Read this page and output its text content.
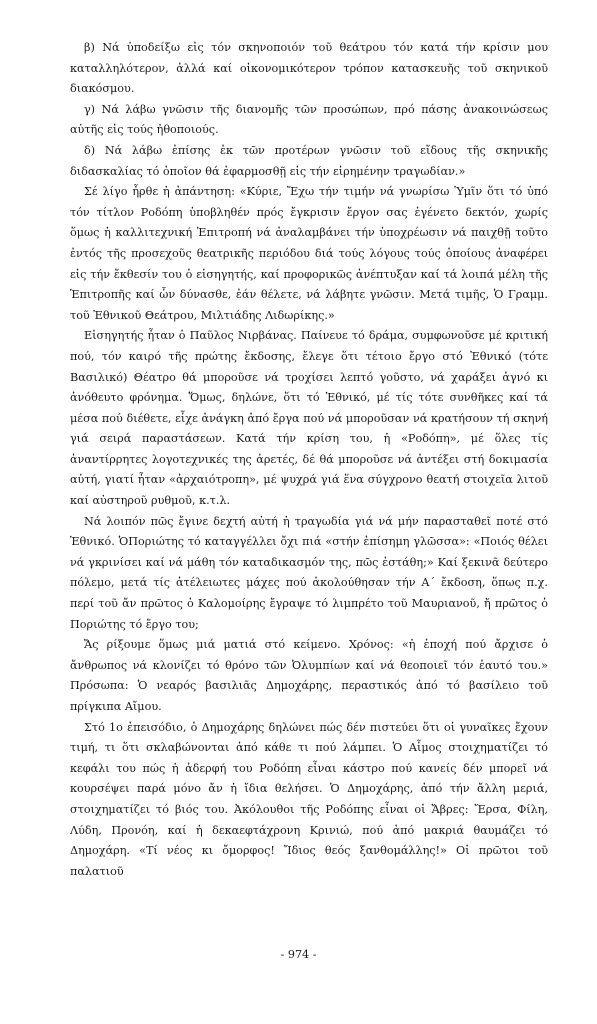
β) Νά ὑποδείξω εἰς τόν σκηνοποιόν τοῦ θεάτρου τόν κατά τήν κρίσιν μου καταλληλότερον, ἀλλά καί οἰκονομικότερον τρόπον κατασκευῆς τοῦ σκηνικοῦ διακόσμου.

γ) Νά λάβω γνῶσιν τῆς διανομῆς τῶν προσώπων, πρό πάσης ἀνακοινώσεως αὐτῆς εἰς τούς ἠθοποιούς.

δ) Νά λάβω ἐπίσης ἐκ τῶν προτέρων γνῶσιν τοῦ εἴδους τῆς σκηνικῆς διδασκαλίας τό ὁποῖον θά ἐφαρμοσθῇ εἰς τήν εἰρημένην τραγωδίαν.»

Σέ λίγο ἦρθε ἡ ἀπάντηση: «Κύριε, Ἔχω τήν τιμήν νά γνωρίσω Ὑμῖν ὅτι τό ὑπό τόν τίτλον Ροδόπη ὑποβληθέν πρός ἔγκρισιν ἔργον σας ἐγένετο δεκτόν, χωρίς ὅμως ἡ καλλιτεχνική Ἐπιτροπή νά ἀναλαμβάνει τήν ὑποχρέωσιν νά παιχθῇ τοῦτο ἐντός τῆς προσεχοῦς θεατρικῆς περιόδου διά τούς λόγους τούς ὁποίους ἀναφέρει εἰς τήν ἔκθεσίν του ὁ εἰσηγητής, καί προφορικῶς ἀνέπτυξαν καί τά λοιπά μέλη τῆς Ἐπιτροπῆς καί ὧν δύνασθε, ἐάν θέλετε, νά λάβητε γνῶσιν. Μετά τιμῆς, Ὁ Γραμμ. τοῦ Ἐθνικοῦ Θεάτρου, Μιλτιάδης Λιδωρίκης.»

Εἰσηγητής ἦταν ὁ Παῦλος Νιρβάνας. Παίνευε τό δράμα, συμφωνοῦσε μέ κριτική πού, τόν καιρό τῆς πρώτης ἔκδοσης, ἔλεγε ὅτι τέτοιο ἔργο στό Ἐθνικό (τότε Βασιλικό) Θέατρο θά μποροῦσε νά τροχίσει λεπτό γοῦστο, νά χαράξει ἁγνό κι ἀνόθευτο φρόνημα. Ὅμως, δηλώνε, ὅτι τό Ἐθνικό, μέ τίς τότε συνθῆκες καί τά μέσα πού διέθετε, εἶχε ἀνάγκη ἀπό ἔργα πού νά μποροῦσαν νά κρατήσουν τή σκηνή γιά σειρά παραστάσεων. Κατά τήν κρίση του, ἡ «Ροδόπη», μέ ὅλες τίς ἀναντίρρητες λογοτεχνικές της ἀρετές, δέ θά μποροῦσε νά ἀντέξει στή δοκιμασία αὐτή, γιατί ἦταν «ἀρχαιότροπη», μέ ψυχρά γιά ἕνα σύγχρονο θεατή στοιχεῖα λιτοῦ καί αὐστηροῦ ρυθμοῦ, κ.τ.λ.

Νά λοιπόν πῶς ἔγινε δεχτή αὐτή ἡ τραγωδία γιά νά μήν παρασταθεῖ ποτέ στό Ἐθνικό. ὉΠοριώτης τό καταγγέλλει ὄχι πιά «στήν ἐπίσημη γλῶσσα»: «Ποιός θέλει νά γκρινίσει καί νά μάθη τόν καταδικασμόν της, πῶς ἐστάθη;» Καί ξεκινᾶ δεύτερο πόλεμο, μετά τίς ἀτέλειωτες μάχες πού ἀκολούθησαν τήν Α΄ ἔκδοση, ὅπως π.χ. περί τοῦ ἄν πρῶτος ὁ Καλομοίρης ἔγραψε τό λιμπρέτο τοῦ Μαυριανοῦ, ἤ πρῶτος ὁ Ποριώτης τό ἔργο του;

Ἄς ρίξουμε ὅμως μιά ματιά στό κείμενο. Χρόνος: «ἡ ἐποχή πού ἄρχισε ὁ ἄνθρωπος νά κλονίζει τό θρόνο τῶν Ὀλυμπίων καί νά θεοποιεῖ τόν ἑαυτό του.» Πρόσωπα: Ὁ νεαρός βασιλιᾶς Δημοχάρης, περαστικός ἀπό τό βασίλειο τοῦ πρίγκιπα Αἴμου.

Στό 1ο ἐπεισόδιο, ὁ Δημοχάρης δηλώνει πώς δέν πιστεύει ὅτι οἱ γυναῖκες ἔχουν τιμή, τι ὅτι σκλαβώνονται ἀπό κάθε τι πού λάμπει. Ὁ Αἷμος στοιχηματίζει τό κεφάλι του πώς ἡ ἀδερφή του Ροδόπη εἶναι κάστρο πού κανείς δέν μπορεῖ νά κουρσέψει παρά μόνο ἄν ἡ ἴδια θελήσει. Ὁ Δημοχάρης, ἀπό τήν ἄλλη μεριά, στοιχηματίζει τό βιός του. Ἀκόλουθοι τῆς Ροδόπης εἶναι οἱ Ἄβρες: Ἔρσα, Φίλη, Λύδη, Προνόη, καί ἡ δεκαεφτάχρονη Κρινιώ, πού ἀπό μακριά θαυμάζει τό Δημοχάρη. «Τί νέος κι ὄμορφος! Ἴδιος θεός ξανθομάλλης!» Οἱ πρῶτοι τοῦ παλατιοῦ

- 974 -
